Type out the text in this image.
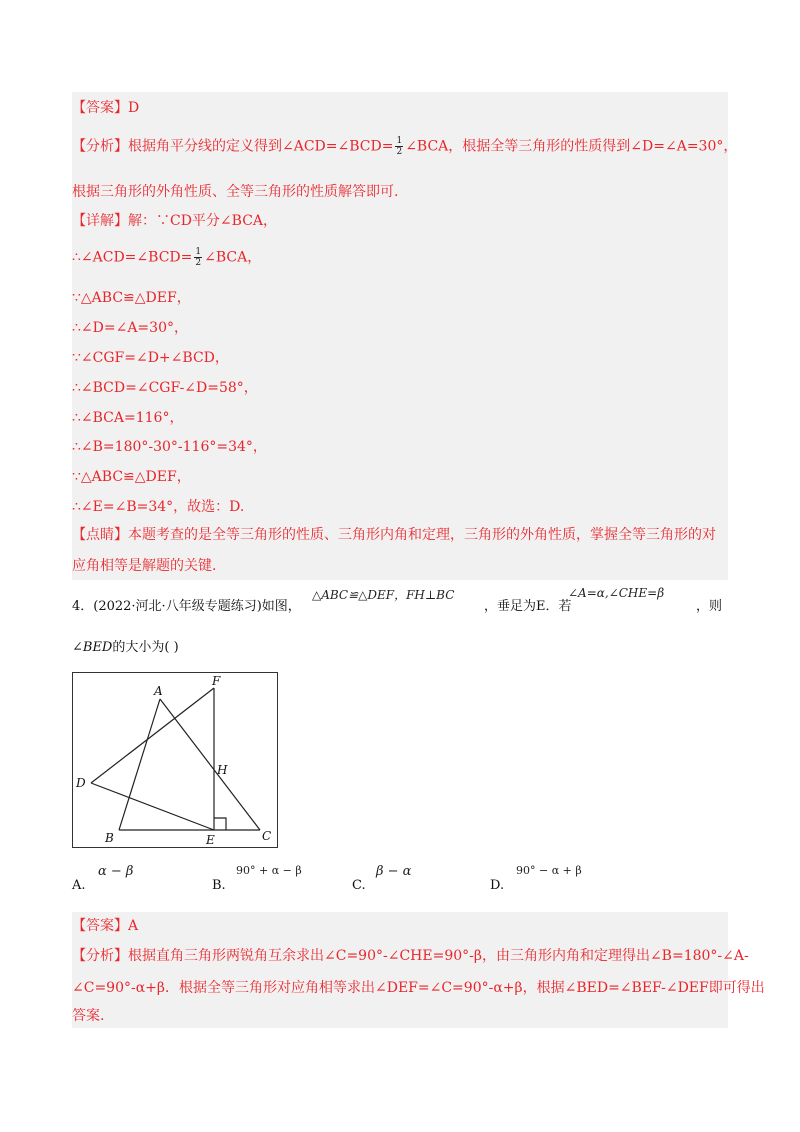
【答案】D
【分析】根据角平分线的定义得到∠ACD=∠BCD= $\frac{1}{2}$ ∠BCA，根据全等三角形的性质得到∠D=∠A=30°，
根据三角形的外角性质、全等三角形的性质解答即可.
【详解】解：∵CD平分∠BCA，
∴∠ACD=∠BCD= $\frac{1}{2}$ ∠BCA，
∵△ABC≌△DEF，
∴∠D=∠A=30°，
∵∠CGF=∠D+∠BCD，
∴∠BCD=∠CGF-∠D=58°，
∴∠BCA=116°，
∴∠B=180°-30°-116°=34°，
∵△ABC≌△DEF，
∴∠E=∠B=34°，故选：D.
【点睛】本题考查的是全等三角形的性质、三角形内角和定理，三角形的外角性质，掌握全等三角形的对
应角相等是解题的关键.
4．(2022·河北·八年级专题练习)如图，
△ABC≌△DEF，FH⊥BC
，垂足为E．若
∠A=α,∠CHE=β
，则
∠BED的大小为( )
A
F
D
H
B	E	C
A.
α − β
B.
90° + α − β
C.
β − α
D.
90° − α + β
【答案】A
【分析】根据直角三角形两锐角互余求出∠C=90°-∠CHE=90°-β，由三角形内角和定理得出∠B=180°-∠A-
∠C=90°-α+β．根据全等三角形对应角相等求出∠DEF=∠C=90°-α+β，根据∠BED=∠BEF-∠DEF即可得出
答案.
